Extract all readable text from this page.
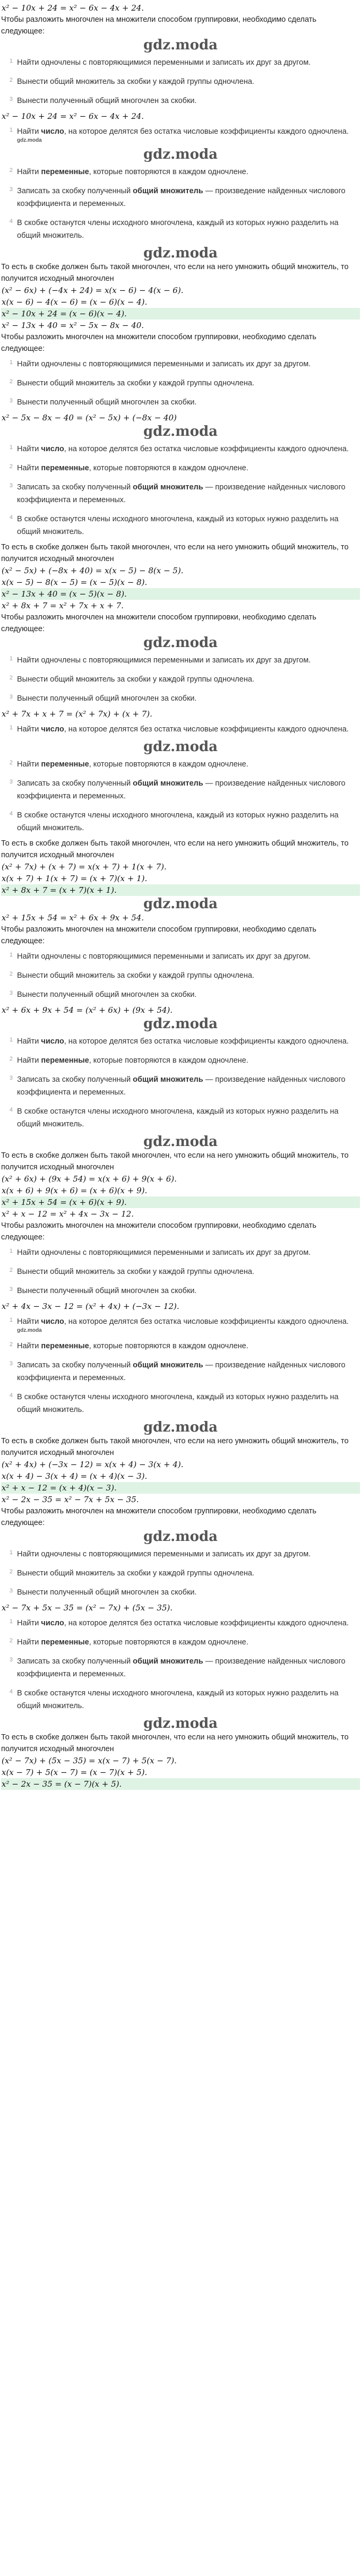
x² − 10x + 24 = x² − 6x − 4x + 24.
Чтобы разложить многочлен на множители способом группировки, необходимо сделать следующее:
gdz.moda
1 Найти одночлены с повторяющимися переменными и записать их друг за другом.
2 Вынести общий множитель за скобки у каждой группы одночлена.
3 Вынести полученный общий многочлен за скобки.
x² − 10x + 24 = x² − 6x − 4x + 24.
1 Найти число, на которое делятся без остатка числовые коэффициенты каждого одночлена.
gdz.moda
gdz.moda
2 Найти переменные, которые повторяются в каждом одночлене.
3 Записать за скобку полученный общий множитель — произведение найденных числового коэффициента и переменных.
4 В скобке останутся члены исходного многочлена, каждый из которых нужно разделить на общий множитель.
gdz.moda
То есть в скобке должен быть такой многочлен, что если на него умножить общий множитель, то получится исходный многочлен
(x² − 6x) + (−4x + 24) = x(x − 6) − 4(x − 6).
x(x − 6) − 4(x − 6) = (x − 6)(x − 4).
x² − 10x + 24 = (x − 6)(x − 4).
x² − 13x + 40 = x² − 5x − 8x − 40.
Чтобы разложить многочлен на множители способом группировки, необходимо сделать следующее:
1 Найти одночлены с повторяющимися переменными и записать их друг за другом.
2 Вынести общий множитель за скобки у каждой группы одночлена.
3 Вынести полученный общий многочлен за скобки.
x² − 5x − 8x − 40 = (x² − 5x) + (−8x − 40)
gdz.moda
1 Найти число, на которое делятся без остатка числовые коэффициенты каждого одночлена.
2 Найти переменные, которые повторяются в каждом одночлене.
3 Записать за скобку полученный общий множитель — произведение найденных числового коэффициента и переменных.
4 В скобке останутся члены исходного многочлена, каждый из которых нужно разделить на общий множитель.
То есть в скобке должен быть такой многочлен, что если на него умножить общий множитель, то получится исходный многочлен
(x² − 5x) + (−8x + 40) = x(x − 5) − 8(x − 5).
x(x − 5) − 8(x − 5) = (x − 5)(x − 8).
x² − 13x + 40 = (x − 5)(x − 8).
x² + 8x + 7 = x² + 7x + x + 7.
Чтобы разложить многочлен на множители способом группировки, необходимо сделать следующее:
gdz.moda
1 Найти одночлены с повторяющимися переменными и записать их друг за другом.
2 Вынести общий множитель за скобки у каждой группы одночлена.
3 Вынести полученный общий многочлен за скобки.
x² + 7x + x + 7 = (x² + 7x) + (x + 7).
1 Найти число, на которое делятся без остатка числовые коэффициенты каждого одночлена.
gdz.moda
2 Найти переменные, которые повторяются в каждом одночлене.
3 Записать за скобку полученный общий множитель — произведение найденных числового коэффициента и переменных.
4 В скобке останутся члены исходного многочлена, каждый из которых нужно разделить на общий множитель.
То есть в скобке должен быть такой многочлен, что если на него умножить общий множитель, то получится исходный многочлен
(x² + 7x) + (x + 7) = x(x + 7) + 1(x + 7).
x(x + 7) + 1(x + 7) = (x + 7)(x + 1).
x² + 8x + 7 = (x + 7)(x + 1).
gdz.moda
x² + 15x + 54 = x² + 6x + 9x + 54.
Чтобы разложить многочлен на множители способом группировки, необходимо сделать следующее:
1 Найти одночлены с повторяющимися переменными и записать их друг за другом.
2 Вынести общий множитель за скобки у каждой группы одночлена.
3 Вынести полученный общий многочлен за скобки.
x² + 6x + 9x + 54 = (x² + 6x) + (9x + 54).
gdz.moda
1 Найти число, на которое делятся без остатка числовые коэффициенты каждого одночлена.
2 Найти переменные, которые повторяются в каждом одночлене.
3 Записать за скобку полученный общий множитель — произведение найденных числового коэффициента и переменных.
4 В скобке останутся члены исходного многочлена, каждый из которых нужно разделить на общий множитель.
gdz.moda
То есть в скобке должен быть такой многочлен, что если на него умножить общий множитель, то получится исходный многочлен
(x² + 6x) + (9x + 54) = x(x + 6) + 9(x + 6).
x(x + 6) + 9(x + 6) = (x + 6)(x + 9).
x² + 15x + 54 = (x + 6)(x + 9).
x² + x − 12 = x² + 4x − 3x − 12.
Чтобы разложить многочлен на множители способом группировки, необходимо сделать следующее:
1 Найти одночлены с повторяющимися переменными и записать их друг за другом.
2 Вынести общий множитель за скобки у каждой группы одночлена.
3 Вынести полученный общий многочлен за скобки.
x² + 4x − 3x − 12 = (x² + 4x) + (−3x − 12).
1 Найти число, на которое делятся без остатка числовые коэффициенты каждого одночлена.
gdz.moda
2 Найти переменные, которые повторяются в каждом одночлене.
3 Записать за скобку полученный общий множитель — произведение найденных числового коэффициента и переменных.
4 В скобке останутся члены исходного многочлена, каждый из которых нужно разделить на общий множитель.
gdz.moda
То есть в скобке должен быть такой многочлен, что если на него умножить общий множитель, то получится исходный многочлен
(x² + 4x) + (−3x − 12) = x(x + 4) − 3(x + 4).
x(x + 4) − 3(x + 4) = (x + 4)(x − 3).
x² + x − 12 = (x + 4)(x − 3).
x² − 2x − 35 = x² − 7x + 5x − 35.
Чтобы разложить многочлен на множители способом группировки, необходимо сделать следующее:
gdz.moda
1 Найти одночлены с повторяющимися переменными и записать их друг за другом.
2 Вынести общий множитель за скобки у каждой группы одночлена.
3 Вынести полученный общий многочлен за скобки.
x² − 7x + 5x − 35 = (x² − 7x) + (5x − 35).
1 Найти число, на которое делятся без остатка числовые коэффициенты каждого одночлена.
2 Найти переменные, которые повторяются в каждом одночлене.
3 Записать за скобку полученный общий множитель — произведение найденных числового коэффициента и переменных.
4 В скобке останутся члены исходного многочлена, каждый из которых нужно разделить на общий множитель.
gdz.moda
То есть в скобке должен быть такой многочлен, что если на него умножить общий множитель, то получится исходный многочлен
(x² − 7x) + (5x − 35) = x(x − 7) + 5(x − 7).
x(x − 7) + 5(x − 7) = (x − 7)(x + 5).
x² − 2x − 35 = (x − 7)(x + 5).
